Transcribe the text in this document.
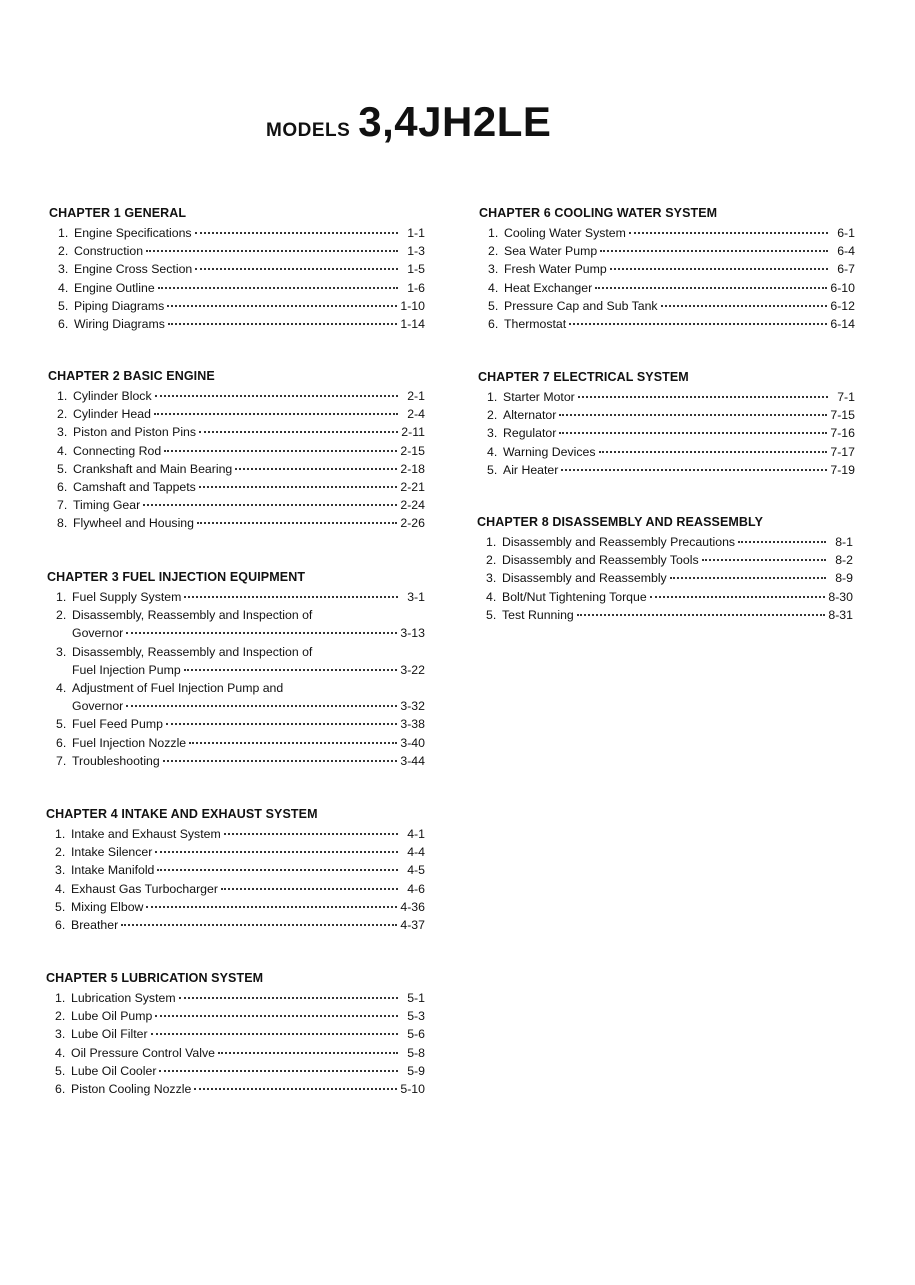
MODELS 3,4JH2LE
CHAPTER 1 GENERAL
1. Engine Specifications	1-1
2. Construction	1-3
3. Engine Cross Section	1-5
4. Engine Outline	1-6
5. Piping Diagrams	1-10
6. Wiring Diagrams	1-14
CHAPTER 2 BASIC ENGINE
1. Cylinder Block	2-1
2. Cylinder Head	2-4
3. Piston and Piston Pins	2-11
4. Connecting Rod	2-15
5. Crankshaft and Main Bearing	2-18
6. Camshaft and Tappets	2-21
7. Timing Gear	2-24
8. Flywheel and Housing	2-26
CHAPTER 3 FUEL INJECTION EQUIPMENT
1. Fuel Supply System	3-1
2. Disassembly, Reassembly and Inspection of
Governor	3-13
3. Disassembly, Reassembly and Inspection of
Fuel Injection Pump	3-22
4. Adjustment of Fuel Injection Pump and
Governor	3-32
5. Fuel Feed Pump	3-38
6. Fuel Injection Nozzle	3-40
7. Troubleshooting	3-44
CHAPTER 4 INTAKE AND EXHAUST SYSTEM
1. Intake and Exhaust System	4-1
2. Intake Silencer	4-4
3. Intake Manifold	4-5
4. Exhaust Gas Turbocharger	4-6
5. Mixing Elbow	4-36
6. Breather	4-37
CHAPTER 5 LUBRICATION SYSTEM
1. Lubrication System	5-1
2. Lube Oil Pump	5-3
3. Lube Oil Filter	5-6
4. Oil Pressure Control Valve	5-8
5. Lube Oil Cooler	5-9
6. Piston Cooling Nozzle	5-10
CHAPTER 6 COOLING WATER SYSTEM
1. Cooling Water System	6-1
2. Sea Water Pump	6-4
3. Fresh Water Pump	6-7
4. Heat Exchanger	6-10
5. Pressure Cap and Sub Tank	6-12
6. Thermostat	6-14
CHAPTER 7 ELECTRICAL SYSTEM
1. Starter Motor	7-1
2. Alternator	7-15
3. Regulator	7-16
4. Warning Devices	7-17
5. Air Heater	7-19
CHAPTER 8 DISASSEMBLY AND REASSEMBLY
1. Disassembly and Reassembly Precautions	8-1
2. Disassembly and Reassembly Tools	8-2
3. Disassembly and Reassembly	8-9
4. Bolt/Nut Tightening Torque	8-30
5. Test Running	8-31
